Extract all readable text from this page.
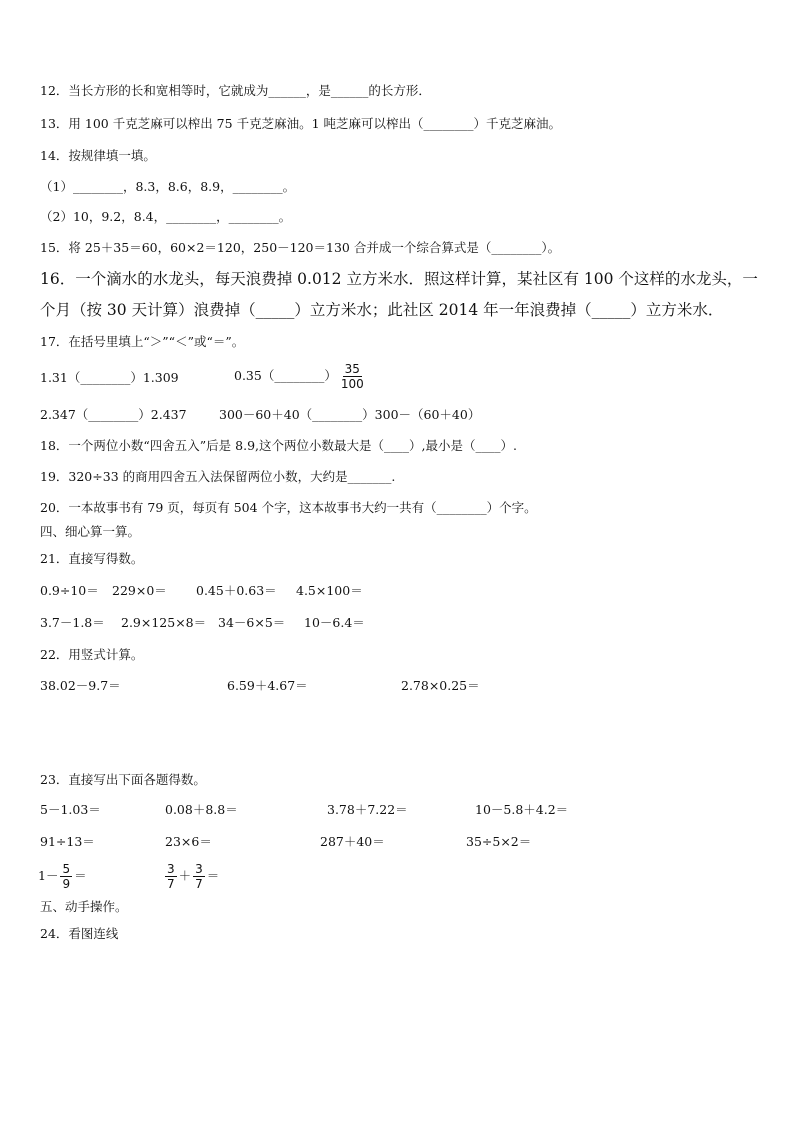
12．当长方形的长和宽相等时，它就成为______，是______的长方形．
13．用 100 千克芝麻可以榨出 75 千克芝麻油。1 吨芝麻可以榨出（________）千克芝麻油。
14．按规律填一填。
（1）________，8.3，8.6，8.9，________。
（2）10，9.2，8.4，________，________。
15．将 25＋35＝60，60×2＝120，250－120＝130 合并成一个综合算式是（________）。
16．一个滴水的水龙头，每天浪费掉 0.012 立方米水．照这样计算，某社区有 100 个这样的水龙头，一
个月（按 30 天计算）浪费掉（_____）立方米水；此社区 2014 年一年浪费掉（_____）立方米水．
17．在括号里填上“＞”“＜”或“＝”。
1.31（________）1.309	0.35（________） $\frac{35}{100}$
2.347（________）2.437	300－60＋40（________）300－（60＋40）
18．一个两位小数“四舍五入”后是 8.9,这个两位小数最大是（____）,最小是（____）.
19．320÷33 的商用四舍五入法保留两位小数，大约是_______.
20．一本故事书有 79 页，每页有 504 个字，这本故事书大约一共有（________）个字。
四、细心算一算。
21．直接写得数。
0.9÷10＝ 229×0＝ 0.45＋0.63＝ 4.5×100＝
3.7－1.8＝ 2.9×125×8＝ 34－6×5＝ 10－6.4＝
22．用竖式计算。
38.02－9.7＝	6.59＋4.67＝	2.78×0.25＝
23．直接写出下面各题得数。
5－1.03＝	0.08＋8.8＝	3.78＋7.22＝	10－5.8＋4.2＝
91÷13＝	23×6＝	287＋40＝	35÷5×2＝
$1- \frac{5}{9}$ ＝	$\frac{3}{7} + \frac{3}{7}$ ＝
五、动手操作。
24．看图连线
